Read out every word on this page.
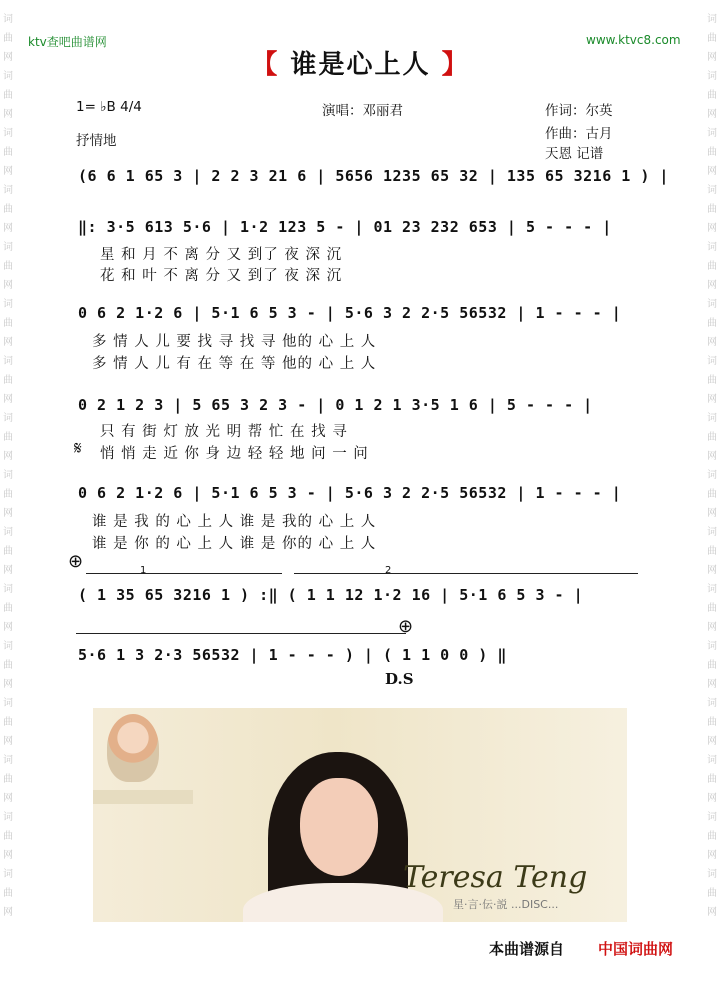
词曲网词曲网词曲网词曲网词曲网词曲网词曲网词曲网词曲网词曲网词曲网词曲网词曲网词曲网词曲网词曲网
词曲网词曲网词曲网词曲网词曲网词曲网词曲网词曲网词曲网词曲网词曲网词曲网词曲网词曲网词曲网词曲网
ktv查吧曲谱网	www.ktvc8.com
【 谁是心上人 】
1= ♭B 4/4
抒情地
演唱：邓丽君	作词：尔英
作曲：古月
天恩 记谱
(6 6 1 65 3 | 2 2 3 21 6 | 5656 1235 65 32 | 135 65 3216 1 ) |
‖: 3·5 613 5·6 | 1·2 123 5 - | 01 23 232 653 | 5 - - - |
星 和 月 不 离 分 又 到了 夜 深 沉
花 和 叶 不 离 分 又 到了 夜 深 沉
0 6 2 1·2 6 | 5·1 6 5 3 - | 5·6 3 2 2·5 56532 | 1 - - - |
多 情 人 儿 要 找 寻 找 寻 他的 心 上 人
多 情 人 儿 有 在 等 在 等 他的 心 上 人
0 2 1 2 3 | 5 65 3 2 3 - | 0 1 2 1 3·5 1 6 | 5 - - - |
只 有 街 灯 放 光 明 帮 忙 在 找 寻
𝄋 悄 悄 走 近 你 身 边 轻 轻 地 问 一 问
0 6 2 1·2 6 | 5·1 6 5 3 - | 5·6 3 2 2·5 56532 | 1 - - - |
谁 是 我 的 心 上 人 谁 是 我的 心 上 人
谁 是 你 的 心 上 人 谁 是 你的 心 上 人
⊕	1	2
( 1 35 65 3216 1 ) :‖ ( 1 1 12 1·2 16 | 5·1 6 5 3 - |
⊕
5·6 1 3 2·3 56532 | 1 - - - ) | ( 1 1 0 0 ) ‖
D.S
Teresa Teng
星·言·伝·説 ...DISC...
本曲谱源自 中国词曲网
